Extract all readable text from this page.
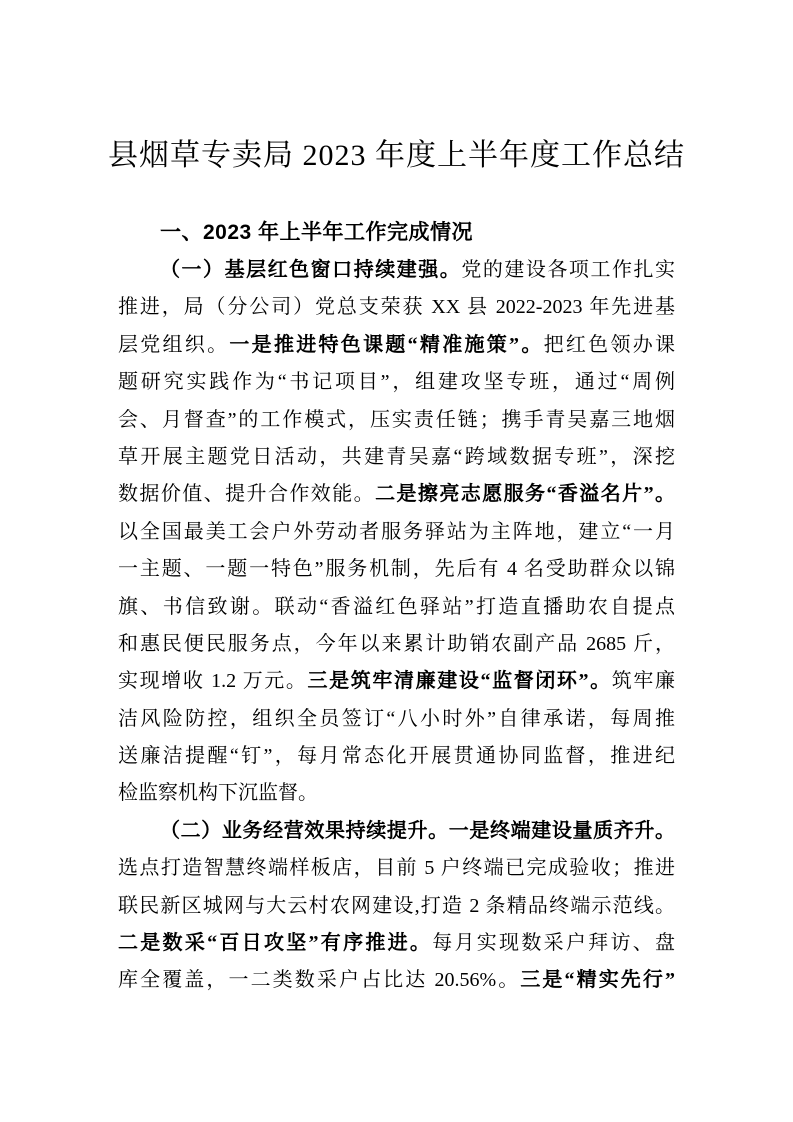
县烟草专卖局 2023 年度上半年度工作总结
一、2023 年上半年工作完成情况
（一）基层红色窗口持续建强。党的建设各项工作扎实
推进，局（分公司）党总支荣获 XX 县 2022-2023 年先进基
层党组织。一是推进特色课题“精准施策”。把红色领办课
题研究实践作为“书记项目”，组建攻坚专班，通过“周例
会、月督查”的工作模式，压实责任链；携手青吴嘉三地烟
草开展主题党日活动，共建青吴嘉“跨域数据专班”，深挖
数据价值、提升合作效能。二是擦亮志愿服务“香溢名片”。
以全国最美工会户外劳动者服务驿站为主阵地，建立“一月
一主题、一题一特色”服务机制，先后有 4 名受助群众以锦
旗、书信致谢。联动“香溢红色驿站”打造直播助农自提点
和惠民便民服务点，今年以来累计助销农副产品 2685 斤，
实现增收 1.2 万元。三是筑牢清廉建设“监督闭环”。筑牢廉
洁风险防控，组织全员签订“八小时外”自律承诺，每周推
送廉洁提醒“钉”，每月常态化开展贯通协同监督，推进纪
检监察机构下沉监督。
（二）业务经营效果持续提升。一是终端建设量质齐升。
选点打造智慧终端样板店，目前 5 户终端已完成验收；推进
联民新区城网与大云村农网建设,打造 2 条精品终端示范线。
二是数采“百日攻坚”有序推进。每月实现数采户拜访、盘
库全覆盖，一二类数采户占比达 20.56%。三是“精实先行”
